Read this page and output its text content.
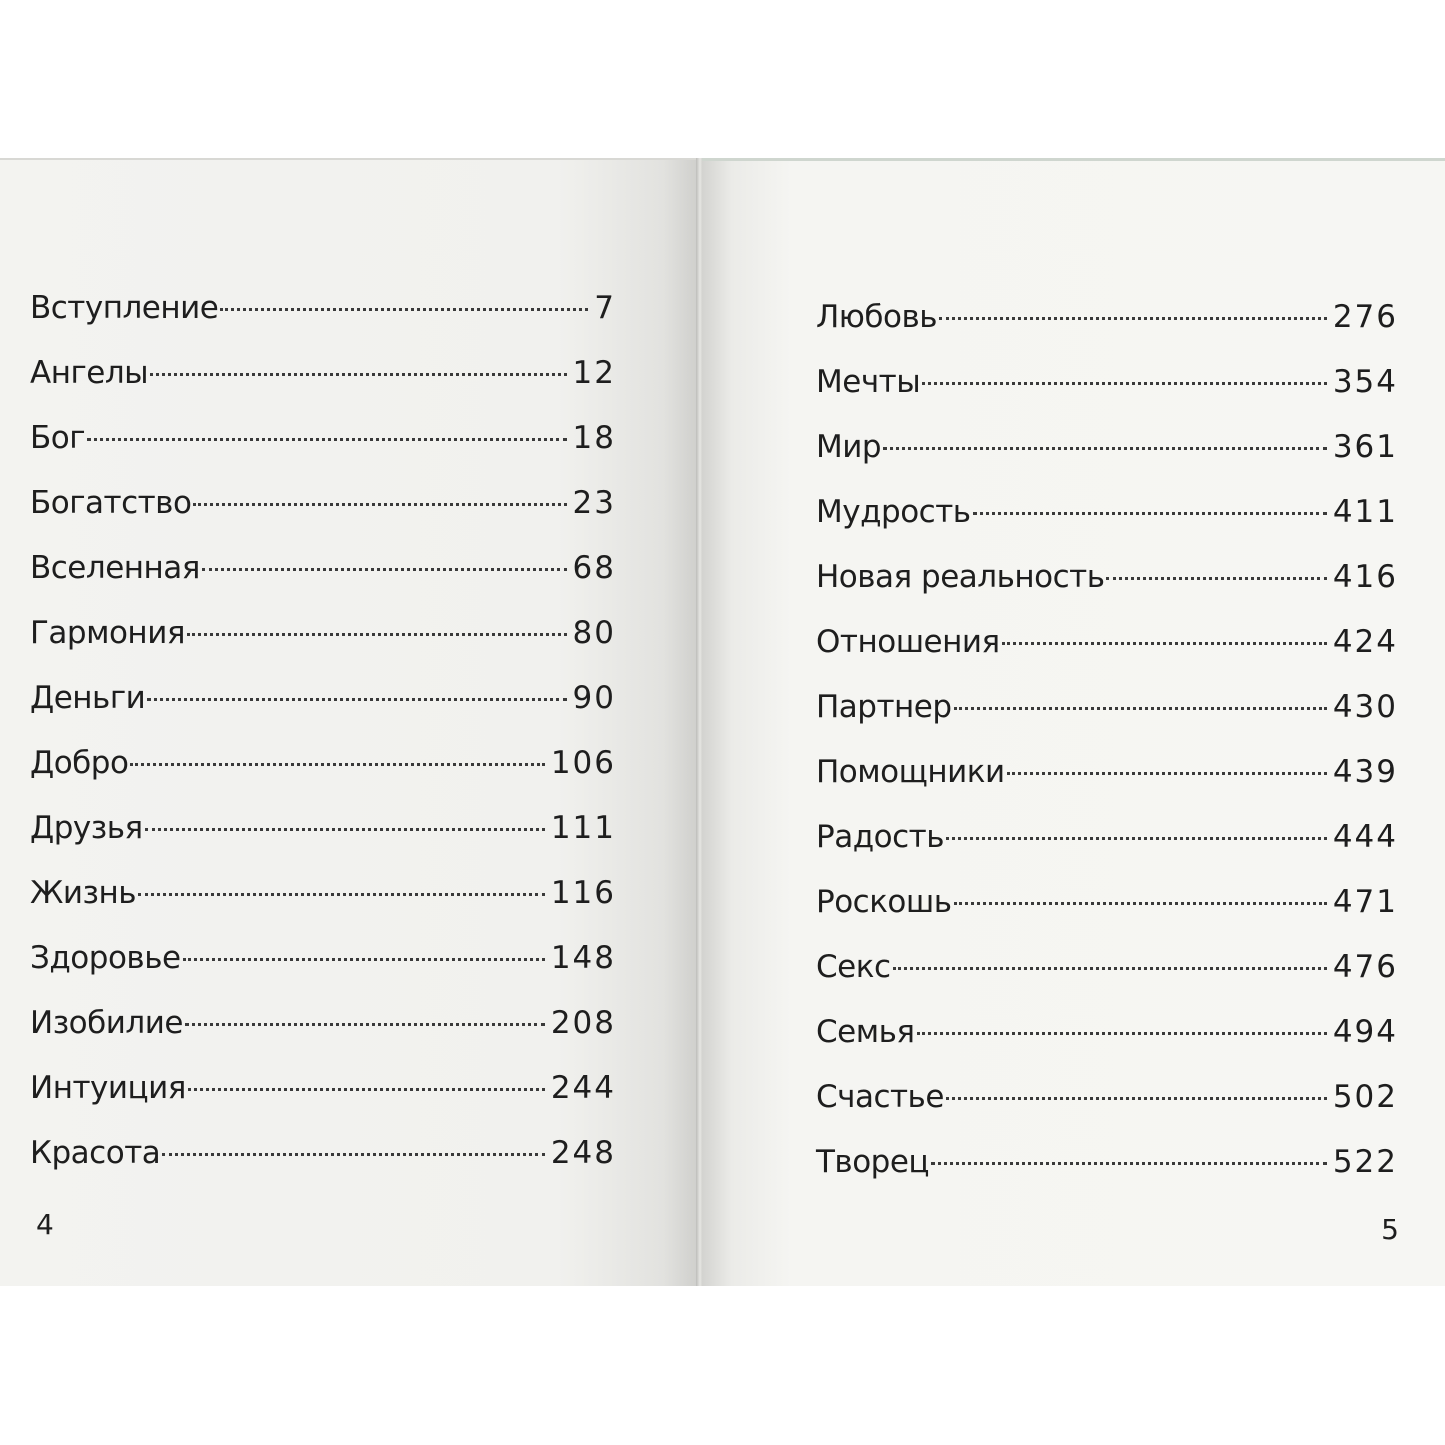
Вступление	7
Ангелы	12
Бог	18
Богатство	23
Вселенная	68
Гармония	80
Деньги	90
Добро	106
Друзья	111
Жизнь	116
Здоровье	148
Изобилие	208
Интуиция	244
Красота	248
4
Любовь	276
Мечты	354
Мир	361
Мудрость	411
Новая реальность	416
Отношения	424
Партнер	430
Помощники	439
Радость	444
Роскошь	471
Секс	476
Семья	494
Счастье	502
Творец	522
5
